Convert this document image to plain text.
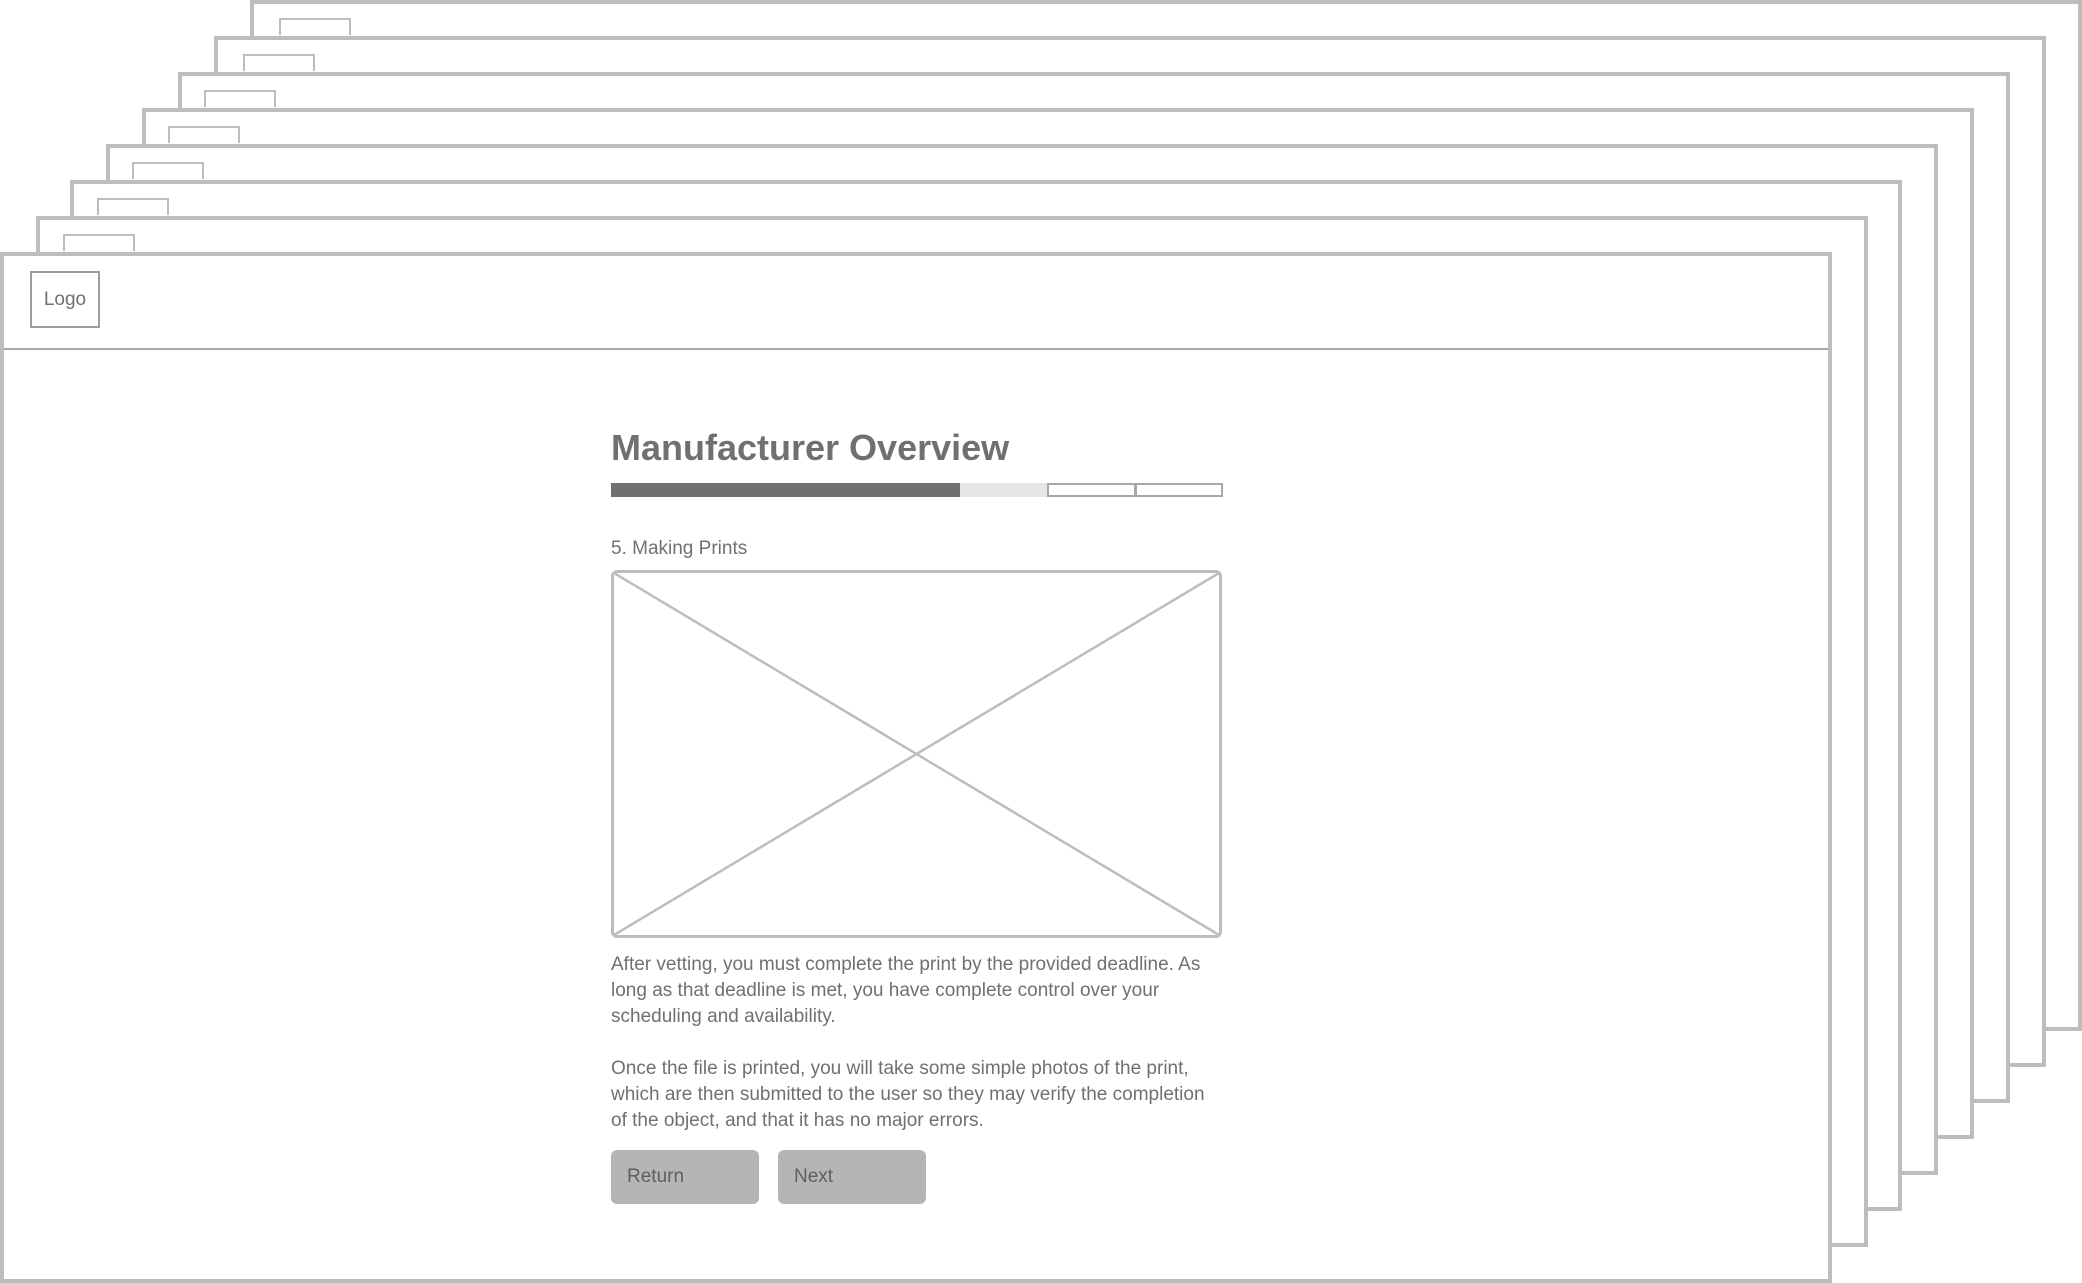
Logo
Manufacturer Overview
5. Making Prints

After vetting, you must complete the print by the provided deadline. As long as that deadline is met, you have complete control over your scheduling and availability.

Once the file is printed, you will take some simple photos of the print, which are then submitted to the user so they may verify the completion of the object, and that it has no major errors.

Return	Next
